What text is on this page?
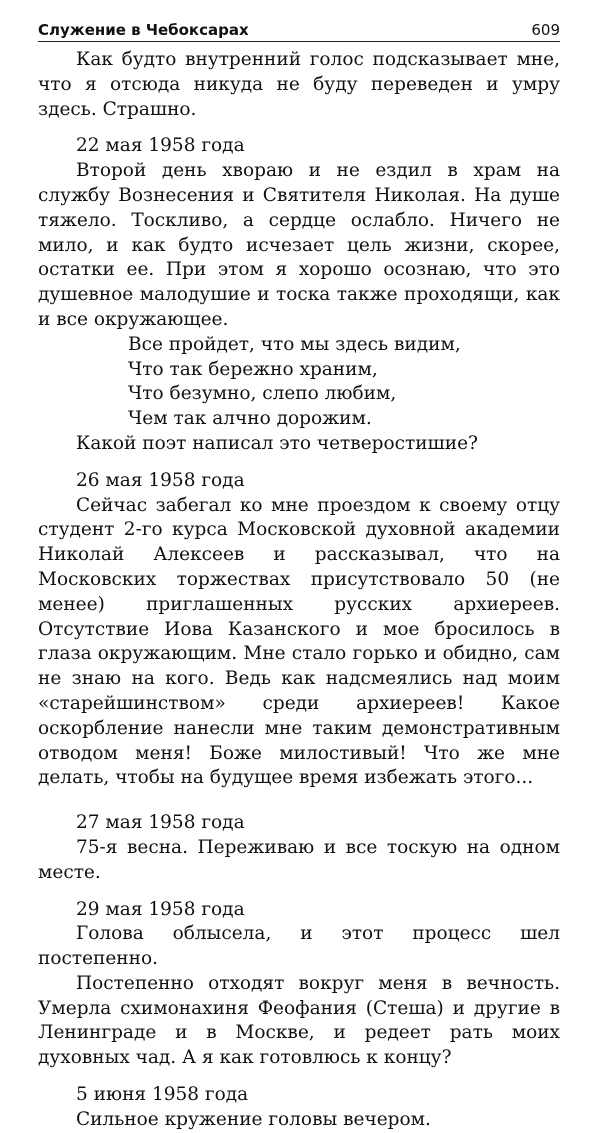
Служение в Чебоксарах	609

Как будто внутренний голос подсказывает мне, что я отсюда никуда не буду переведен и умру здесь. Страшно.

22 мая 1958 года

Второй день хвораю и не ездил в храм на службу Вознесения и Святителя Николая. На душе тяжело. Тоскливо, а сердце ослабло. Ничего не мило, и как будто исчезает цель жизни, скорее, остатки ее. При этом я хорошо осознаю, что это душевное малодушие и тоска также проходящи, как и все окружающее.

Все пройдет, что мы здесь видим,
Что так бережно храним,
Что безумно, слепо любим,
Чем так алчно дорожим.

Какой поэт написал это четверостишие?

26 мая 1958 года

Сейчас забегал ко мне проездом к своему отцу студент 2-го курса Московской духовной академии Николай Алексеев и рассказывал, что на Московских торжествах присутствовало 50 (не менее) приглашенных русских архиереев. Отсутствие Иова Казанского и мое бросилось в глаза окружающим. Мне стало горько и обидно, сам не знаю на кого. Ведь как надсмеялись над моим «старейшинством» среди архиереев! Какое оскорбление нанесли мне таким демонстративным отводом меня! Боже милостивый! Что же мне делать, чтобы на будущее время избежать этого...

27 мая 1958 года

75-я весна. Переживаю и все тоскую на одном месте.

29 мая 1958 года

Голова облысела, и этот процесс шел постепенно.

Постепенно отходят вокруг меня в вечность. Умерла схимонахиня Феофания (Стеша) и другие в Ленинграде и в Москве, и редеет рать моих духовных чад. А я как готовлюсь к концу?

5 июня 1958 года

Сильное кружение головы вечером.
